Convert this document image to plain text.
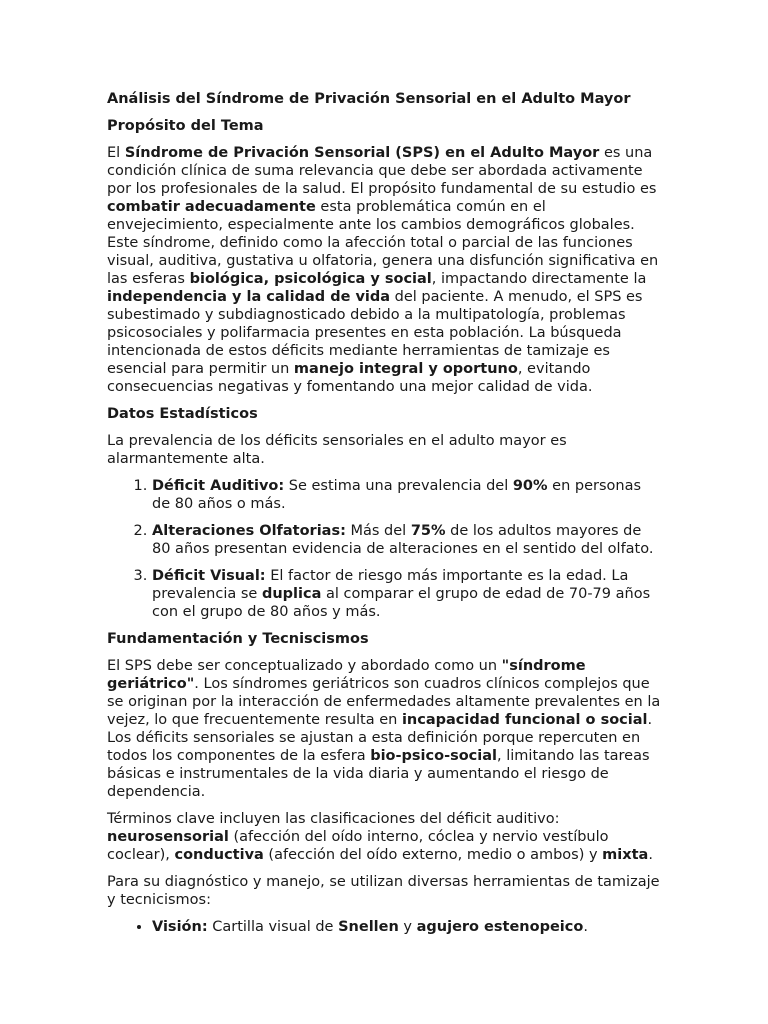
Análisis del Síndrome de Privación Sensorial en el Adulto Mayor
Propósito del Tema

El Síndrome de Privación Sensorial (SPS) en el Adulto Mayor es una condición clínica de suma relevancia que debe ser abordada activamente por los profesionales de la salud. El propósito fundamental de su estudio es combatir adecuadamente esta problemática común en el envejecimiento, especialmente ante los cambios demográficos globales. Este síndrome, definido como la afección total o parcial de las funciones visual, auditiva, gustativa u olfatoria, genera una disfunción significativa en las esferas biológica, psicológica y social, impactando directamente la independencia y la calidad de vida del paciente. A menudo, el SPS es subestimado y subdiagnosticado debido a la multipatología, problemas psicosociales y polifarmacia presentes en esta población. La búsqueda intencionada de estos déficits mediante herramientas de tamizaje es esencial para permitir un manejo integral y oportuno, evitando consecuencias negativas y fomentando una mejor calidad de vida.

Datos Estadísticos

La prevalencia de los déficits sensoriales en el adulto mayor es alarmantemente alta.

1. Déficit Auditivo: Se estima una prevalencia del 90% en personas de 80 años o más.
2. Alteraciones Olfatorias: Más del 75% de los adultos mayores de 80 años presentan evidencia de alteraciones en el sentido del olfato.
3. Déficit Visual: El factor de riesgo más importante es la edad. La prevalencia se duplica al comparar el grupo de edad de 70-79 años con el grupo de 80 años y más.
Fundamentación y Tecniscismos

El SPS debe ser conceptualizado y abordado como un "síndrome geriátrico". Los síndromes geriátricos son cuadros clínicos complejos que se originan por la interacción de enfermedades altamente prevalentes en la vejez, lo que frecuentemente resulta en incapacidad funcional o social. Los déficits sensoriales se ajustan a esta definición porque repercuten en todos los componentes de la esfera bio-psico-social, limitando las tareas básicas e instrumentales de la vida diaria y aumentando el riesgo de dependencia.

Términos clave incluyen las clasificaciones del déficit auditivo: neurosensorial (afección del oído interno, cóclea y nervio vestíbulo coclear), conductiva (afección del oído externo, medio o ambos) y mixta.

Para su diagnóstico y manejo, se utilizan diversas herramientas de tamizaje y tecnicismos:

• Visión: Cartilla visual de Snellen y agujero estenopeico.
